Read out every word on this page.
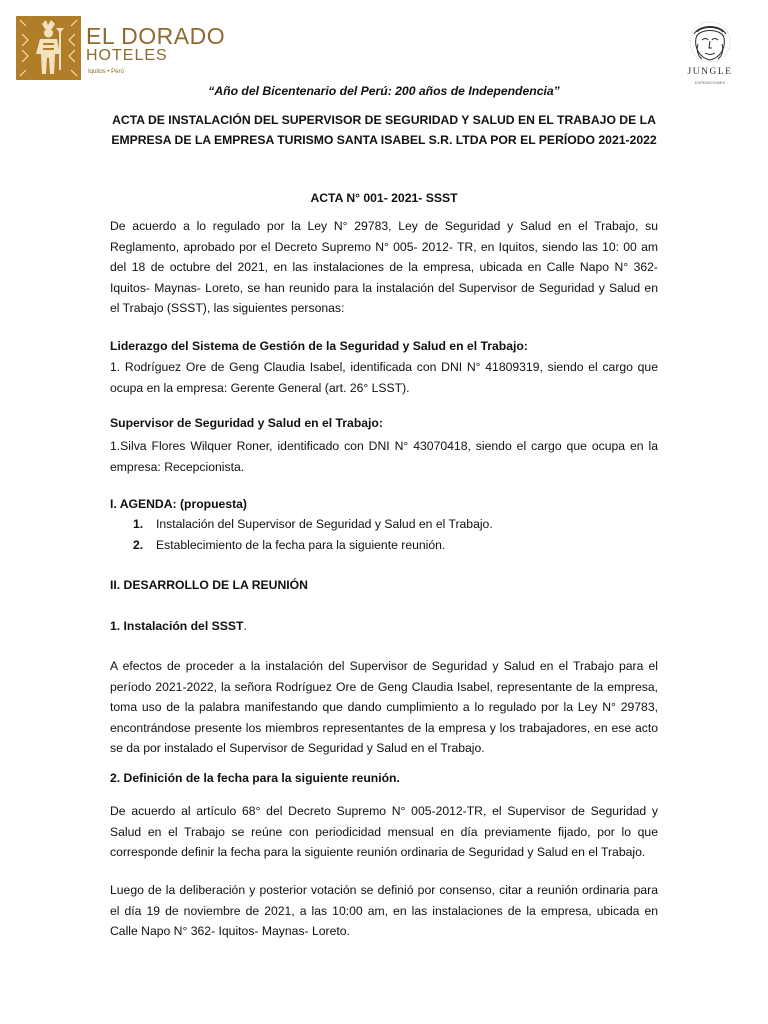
EL DORADO
HOTELES
Iquitos • Perú	JUNGLE
EXPEDICIONES
“Año del Bicentenario del Perú: 200 años de Independencia”
ACTA DE INSTALACIÓN DEL SUPERVISOR DE SEGURIDAD Y SALUD EN EL TRABAJO DE LA EMPRESA DE LA EMPRESA TURISMO SANTA ISABEL S.R. LTDA POR EL PERÍODO 2021-2022
ACTA N° 001- 2021- SSST
De acuerdo a lo regulado por la Ley N° 29783, Ley de Seguridad y Salud en el Trabajo, su Reglamento, aprobado por el Decreto Supremo N° 005- 2012- TR, en Iquitos, siendo las 10: 00 am del 18 de octubre del 2021, en las instalaciones de la empresa, ubicada en Calle Napo N° 362- Iquitos- Maynas- Loreto, se han reunido para la instalación del Supervisor de Seguridad y Salud en el Trabajo (SSST), las siguientes personas:
Liderazgo del Sistema de Gestión de la Seguridad y Salud en el Trabajo:
1. Rodríguez Ore de Geng Claudia Isabel, identificada con DNI N° 41809319, siendo el cargo que ocupa en la empresa: Gerente General (art. 26° LSST).
Supervisor de Seguridad y Salud en el Trabajo:
1.Silva Flores Wilquer Roner, identificado con DNI N° 43070418, siendo el cargo que ocupa en la empresa: Recepcionista.
I. AGENDA: (propuesta)
1. Instalación del Supervisor de Seguridad y Salud en el Trabajo.
2. Establecimiento de la fecha para la siguiente reunión.
II. DESARROLLO DE LA REUNIÓN
1. Instalación del SSST.
A efectos de proceder a la instalación del Supervisor de Seguridad y Salud en el Trabajo para el período 2021-2022, la señora Rodríguez Ore de Geng Claudia Isabel, representante de la empresa, toma uso de la palabra manifestando que dando cumplimiento a lo regulado por la Ley N° 29783, encontrándose presente los miembros representantes de la empresa y los trabajadores, en ese acto se da por instalado el Supervisor de Seguridad y Salud en el Trabajo.
2. Definición de la fecha para la siguiente reunión.
De acuerdo al artículo 68° del Decreto Supremo N° 005-2012-TR, el Supervisor de Seguridad y Salud en el Trabajo se reúne con periodicidad mensual en día previamente fijado, por lo que corresponde definir la fecha para la siguiente reunión ordinaria de Seguridad y Salud en el Trabajo.
Luego de la deliberación y posterior votación se definió por consenso, citar a reunión ordinaria para el día 19 de noviembre de 2021, a las 10:00 am, en las instalaciones de la empresa, ubicada en Calle Napo N° 362- Iquitos- Maynas- Loreto.
